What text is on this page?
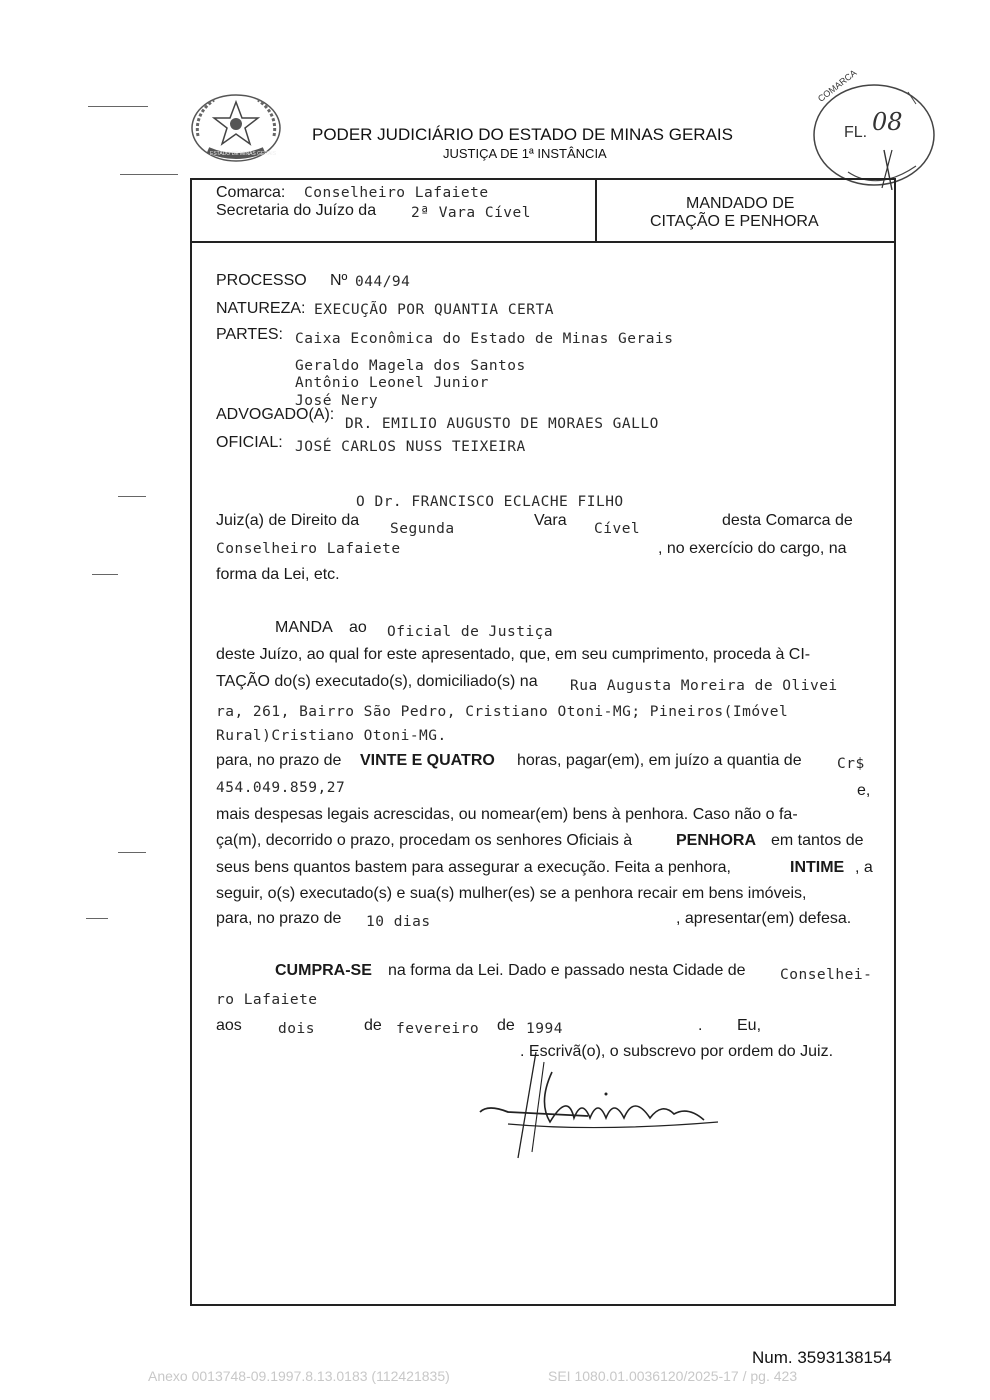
ESTADO DE MINAS GERAIS
PODER JUDICIÁRIO DO ESTADO DE MINAS GERAIS
JUSTIÇA DE 1ª INSTÂNCIA
COMARCA
FL. 08
Comarca: Conselheiro Lafaiete
Secretaria do Juízo da 2ª Vara Cível
MANDADO DE
CITAÇÃO E PENHORA
PROCESSO Nº 044/94
NATUREZA: EXECUÇÃO POR QUANTIA CERTA
PARTES: Caixa Econômica do Estado de Minas Gerais
Geraldo Magela dos Santos
Antônio Leonel Junior
José Nery
ADVOGADO(A):
DR. EMILIO AUGUSTO DE MORAES GALLO
OFICIAL: JOSÉ CARLOS NUSS TEIXEIRA
O Dr. FRANCISCO ECLACHE FILHO
Juiz(a) de Direito da Segunda	Vara Cível	desta Comarca de
Conselheiro Lafaiete	, no exercício do cargo, na
forma da Lei, etc.
MANDA ao Oficial de Justiça
deste Juízo, ao qual for este apresentado, que, em seu cumprimento, proceda à CI-
TAÇÃO do(s) executado(s), domiciliado(s) na Rua Augusta Moreira de Olivei
ra, 261, Bairro São Pedro, Cristiano Otoni-MG; Pineiros(Imóvel
Rural)Cristiano Otoni-MG.
para, no prazo de VINTE E QUATRO horas, pagar(em), em juízo a quantia de Cr$
454.049.859,27	e,
mais despesas legais acrescidas, ou nomear(em) bens à penhora. Caso não o fa-
ça(m), decorrido o prazo, procedam os senhores Oficiais à	PENHORA em tantos de
seus bens quantos bastem para assegurar a execução. Feita a penhora,	INTIME , a
seguir, o(s) executado(s) e sua(s) mulher(es) se a penhora recair em bens imóveis,
para, no prazo de 10 dias	, apresentar(em) defesa.
CUMPRA-SE na forma da Lei. Dado e passado nesta Cidade de Conselhei-
ro Lafaiete
aos dois	de fevereiro de 1994	. Eu,
. Escrivã(o), o subscrevo por ordem do Juiz.
Num. 3593138154
Anexo 0013748-09.1997.8.13.0183 (112421835)	SEI 1080.01.0036120/2025-17 / pg. 423
